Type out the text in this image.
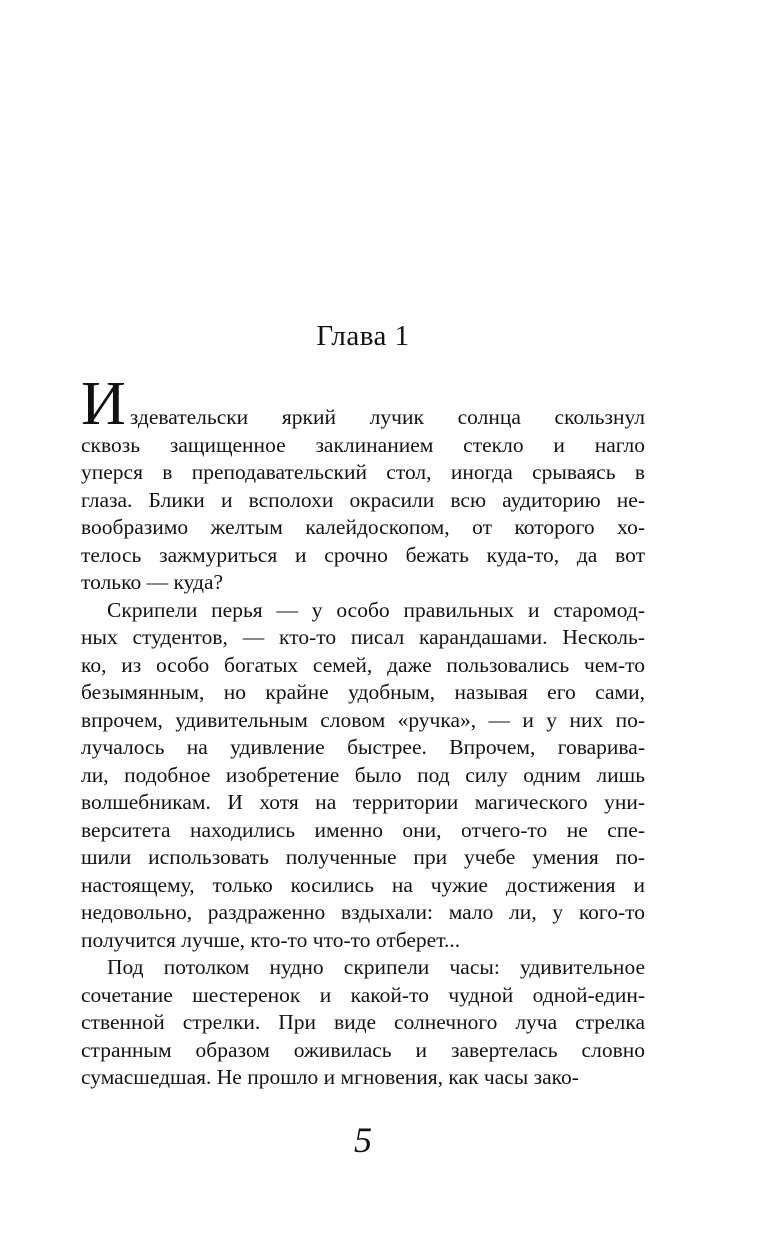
Глава 1
Издевательски яркий лучик солнца скользнул
сквозь защищенное заклинанием стекло и нагло
уперся в преподавательский стол, иногда срываясь в
глаза. Блики и всполохи окрасили всю аудиторию не-
вообразимо желтым калейдоскопом, от которого хо-
телось зажмуриться и срочно бежать куда-то, да вот
только — куда?
Скрипели перья — у особо правильных и старомод-
ных студентов, — кто-то писал карандашами. Несколь-
ко, из особо богатых семей, даже пользовались чем-то
безымянным, но крайне удобным, называя его сами,
впрочем, удивительным словом «ручка», — и у них по-
лучалось на удивление быстрее. Впрочем, говарива-
ли, подобное изобретение было под силу одним лишь
волшебникам. И хотя на территории магического уни-
верситета находились именно они, отчего-то не спе-
шили использовать полученные при учебе умения по-
настоящему, только косились на чужие достижения и
недовольно, раздраженно вздыхали: мало ли, у кого-то
получится лучше, кто-то что-то отберет...
Под потолком нудно скрипели часы: удивительное
сочетание шестеренок и какой-то чудной одной-един-
ственной стрелки. При виде солнечного луча стрелка
странным образом оживилась и завертелась словно
сумасшедшая. Не прошло и мгновения, как часы зако-
5
